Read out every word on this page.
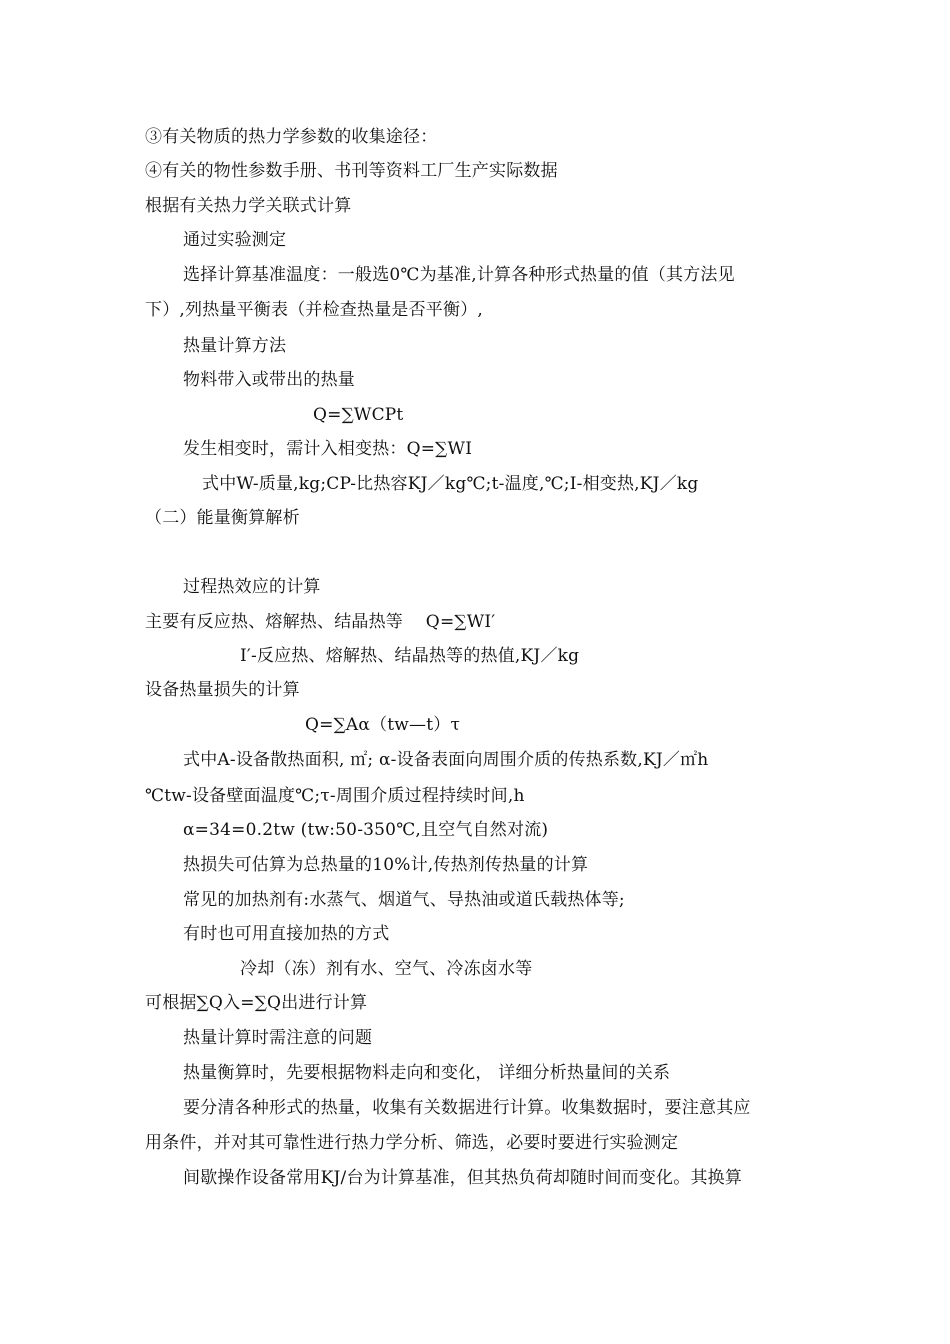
③有关物质的热力学参数的收集途径：
④有关的物性参数手册、书刊等资料工厂生产实际数据
根据有关热力学关联式计算
通过实验测定
选择计算基准温度：一般选0℃为基准,计算各种形式热量的值（其方法见
下）,列热量平衡表（并检查热量是否平衡）,
热量计算方法
物料带入或带出的热量
Q=∑WCPt
发生相变时，需计入相变热：Q=∑WI
式中W-质量,kg;CP-比热容KJ／kg℃;t-温度,℃;I-相变热,KJ／kg
（二）能量衡算解析
过程热效应的计算
主要有反应热、熔解热、结晶热等　 Q=∑WI′
I′-反应热、熔解热、结晶热等的热值,KJ／kg
设备热量损失的计算
Q=∑Aα（tw—t）τ
式中A-设备散热面积, ㎡; α-设备表面向周围介质的传热系数,KJ／㎡h
℃tw-设备壁面温度℃;τ-周围介质过程持续时间,h
α=34=0.2tw (tw:50-350℃,且空气自然对流)
热损失可估算为总热量的10%计,传热剂传热量的计算
常见的加热剂有:水蒸气、烟道气、导热油或道氏载热体等;
有时也可用直接加热的方式
冷却（冻）剂有水、空气、冷冻卤水等
可根据∑Q入=∑Q出进行计算
热量计算时需注意的问题
热量衡算时，先要根据物料走向和变化， 详细分析热量间的关系
要分清各种形式的热量，收集有关数据进行计算。收集数据时，要注意其应
用条件，并对其可靠性进行热力学分析、筛选，必要时要进行实验测定
间歇操作设备常用KJ/台为计算基准，但其热负荷却随时间而变化。其换算
